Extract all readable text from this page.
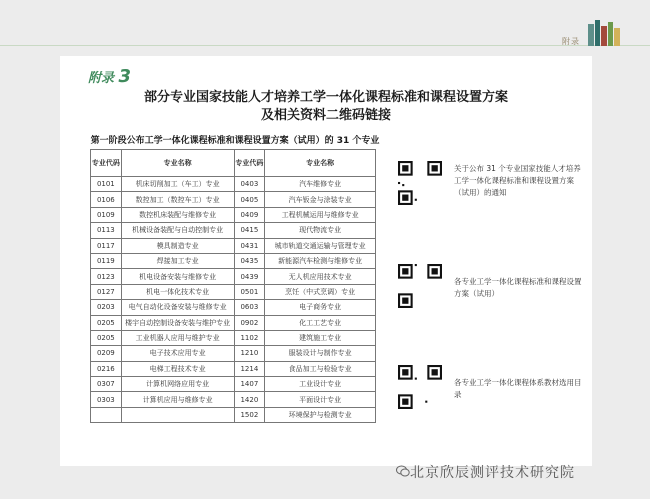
附录
附录 3
部分专业国家技能人才培养工学一体化课程标准和课程设置方案
及相关资料二维码链接
第一阶段公布工学一体化课程标准和课程设置方案（试用）的 31 个专业
专业代码	专业名称	专业代码	专业名称
0101	机床切削加工（车工）专业	0403	汽车维修专业
0106	数控加工（数控车工）专业	0405	汽车钣金与涂装专业
0109	数控机床装配与维修专业	0409	工程机械运用与维修专业
0113	机械设备装配与自动控制专业	0415	现代物流专业
0117	模具制造专业	0431	城市轨道交通运输与管理专业
0119	焊接加工专业	0435	新能源汽车检测与维修专业
0123	机电设备安装与维修专业	0439	无人机应用技术专业
0127	机电一体化技术专业	0501	烹饪（中式烹调）专业
0203	电气自动化设备安装与维修专业	0603	电子商务专业
0205	楼宇自动控制设备安装与维护专业	0902	化工工艺专业
0205	工业机器人应用与维护专业	1102	建筑施工专业
0209	电子技术应用专业	1210	服装设计与制作专业
0216	电梯工程技术专业	1214	食品加工与检验专业
0307	计算机网络应用专业	1407	工业设计专业
0303	计算机应用与维修专业	1420	平面设计专业
		1502	环境保护与检测专业
关于公布 31 个专业国家技能人才培养工学一体化课程标准和课程设置方案（试用）的通知
各专业工学一体化课程标准和课程设置方案（试用）
各专业工学一体化课程体系教材选用目录
北京欣辰测评技术研究院
